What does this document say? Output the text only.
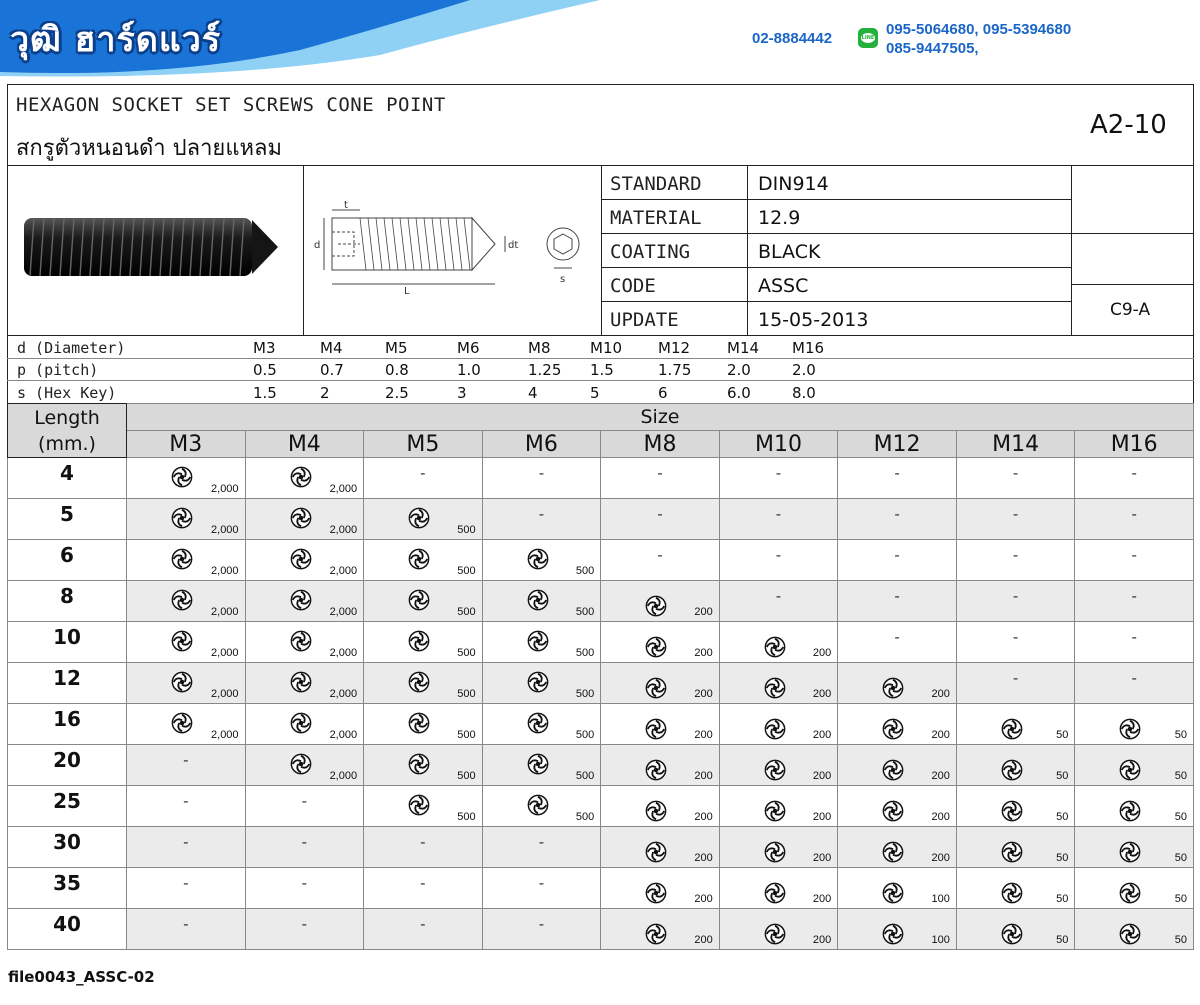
วุฒิ ฮาร์ดแวร์	02-8884442	LINE 095-5064680, 095-5394680
085-9447505,
HEXAGON SOCKET SET SCREWS CONE POINT
สกรูตัวหนอนดำ ปลายแหลม
A2-10
t
d	dt
L
s
STANDARD	DIN914
MATERIAL	12.9
COATING	BLACK
CODE	ASSC
UPDATE	15-05-2013	C9-A
d (Diameter)	M3	M4	M5	M6	M8	M10 M12 M14 M16
p (pitch)	0.5	0.7	0.8	1.0	1.25 1.5	1.75 2.0	2.0
s (Hex Key)	1.5	2	2.5	3	4	5	6	6.0	8.0
Length
(mm.)	Size								
	M3	M4	M5	M6	M8	M10	M12	M14	M16
4	2,000	2,000	-	-	-	-	-	-	-

5	2,000	2,000	500	-	-	-	-	-	-

6	2,000	2,000	500	500	-	-	-	-	-

8	2,000	2,000	500	500	200	-	-	-	-

10	2,000	2,000	500	500	200	200	-	-	-

12	2,000	2,000	500	500	200	200	200	-	-

16	2,000	2,000	500	500	200	200	200	50	50

20	-	2,000	500	500	200	200	200	50	50

25	-	-	500	500	200	200	200	50	50

30	-	-	-	-	200	200	200	50	50

35	-	-	-	-	200	200	100	50	50

40	-	-	-	-	200	200	100	50	50
file0043_ASSC-02
